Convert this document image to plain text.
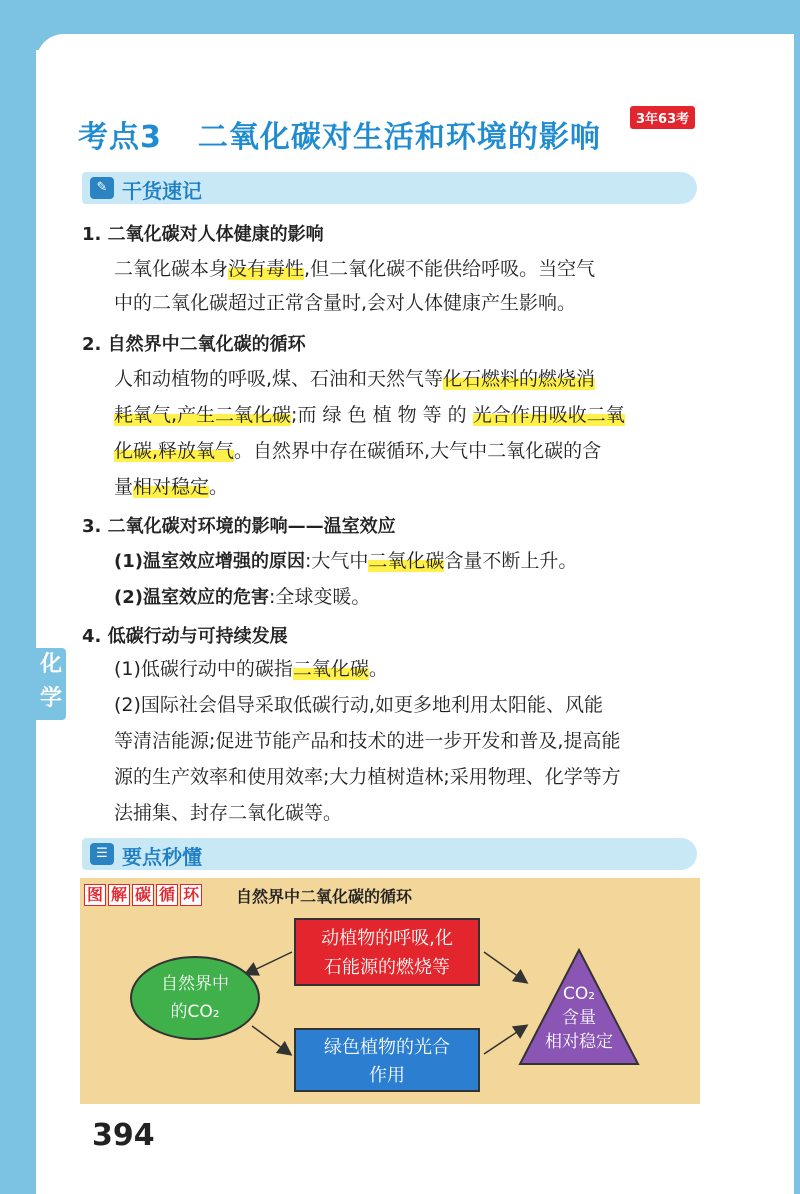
考点3 二氧化碳对生活和环境的影响
3年63考
✎ 干货速记
1. 二氧化碳对人体健康的影响
二氧化碳本身没有毒性,但二氧化碳不能供给呼吸。当空气
中的二氧化碳超过正常含量时,会对人体健康产生影响。
2. 自然界中二氧化碳的循环
人和动植物的呼吸,煤、石油和天然气等化石燃料的燃烧消
耗氧气,产生二氧化碳;而 绿 色 植 物 等 的 光合作用吸收二氧
化碳,释放氧气。自然界中存在碳循环,大气中二氧化碳的含
量相对稳定。
3. 二氧化碳对环境的影响——温室效应
(1)温室效应增强的原因:大气中二氧化碳含量不断上升。
(2)温室效应的危害:全球变暖。
4. 低碳行动与可持续发展
(1)低碳行动中的碳指二氧化碳。
(2)国际社会倡导采取低碳行动,如更多地利用太阳能、风能
等清洁能源;促进节能产品和技术的进一步开发和普及,提高能
源的生产效率和使用效率;大力植树造林;采用物理、化学等方
法捕集、封存二氧化碳等。
化
学
☰ 要点秒懂
图 解 碳 循 环 自然界中二氧化碳的循环
动植物的呼吸,化
石能源的燃烧等
绿色植物的光合
作用
自然界中
的CO₂
CO₂
含量
相对稳定
394
